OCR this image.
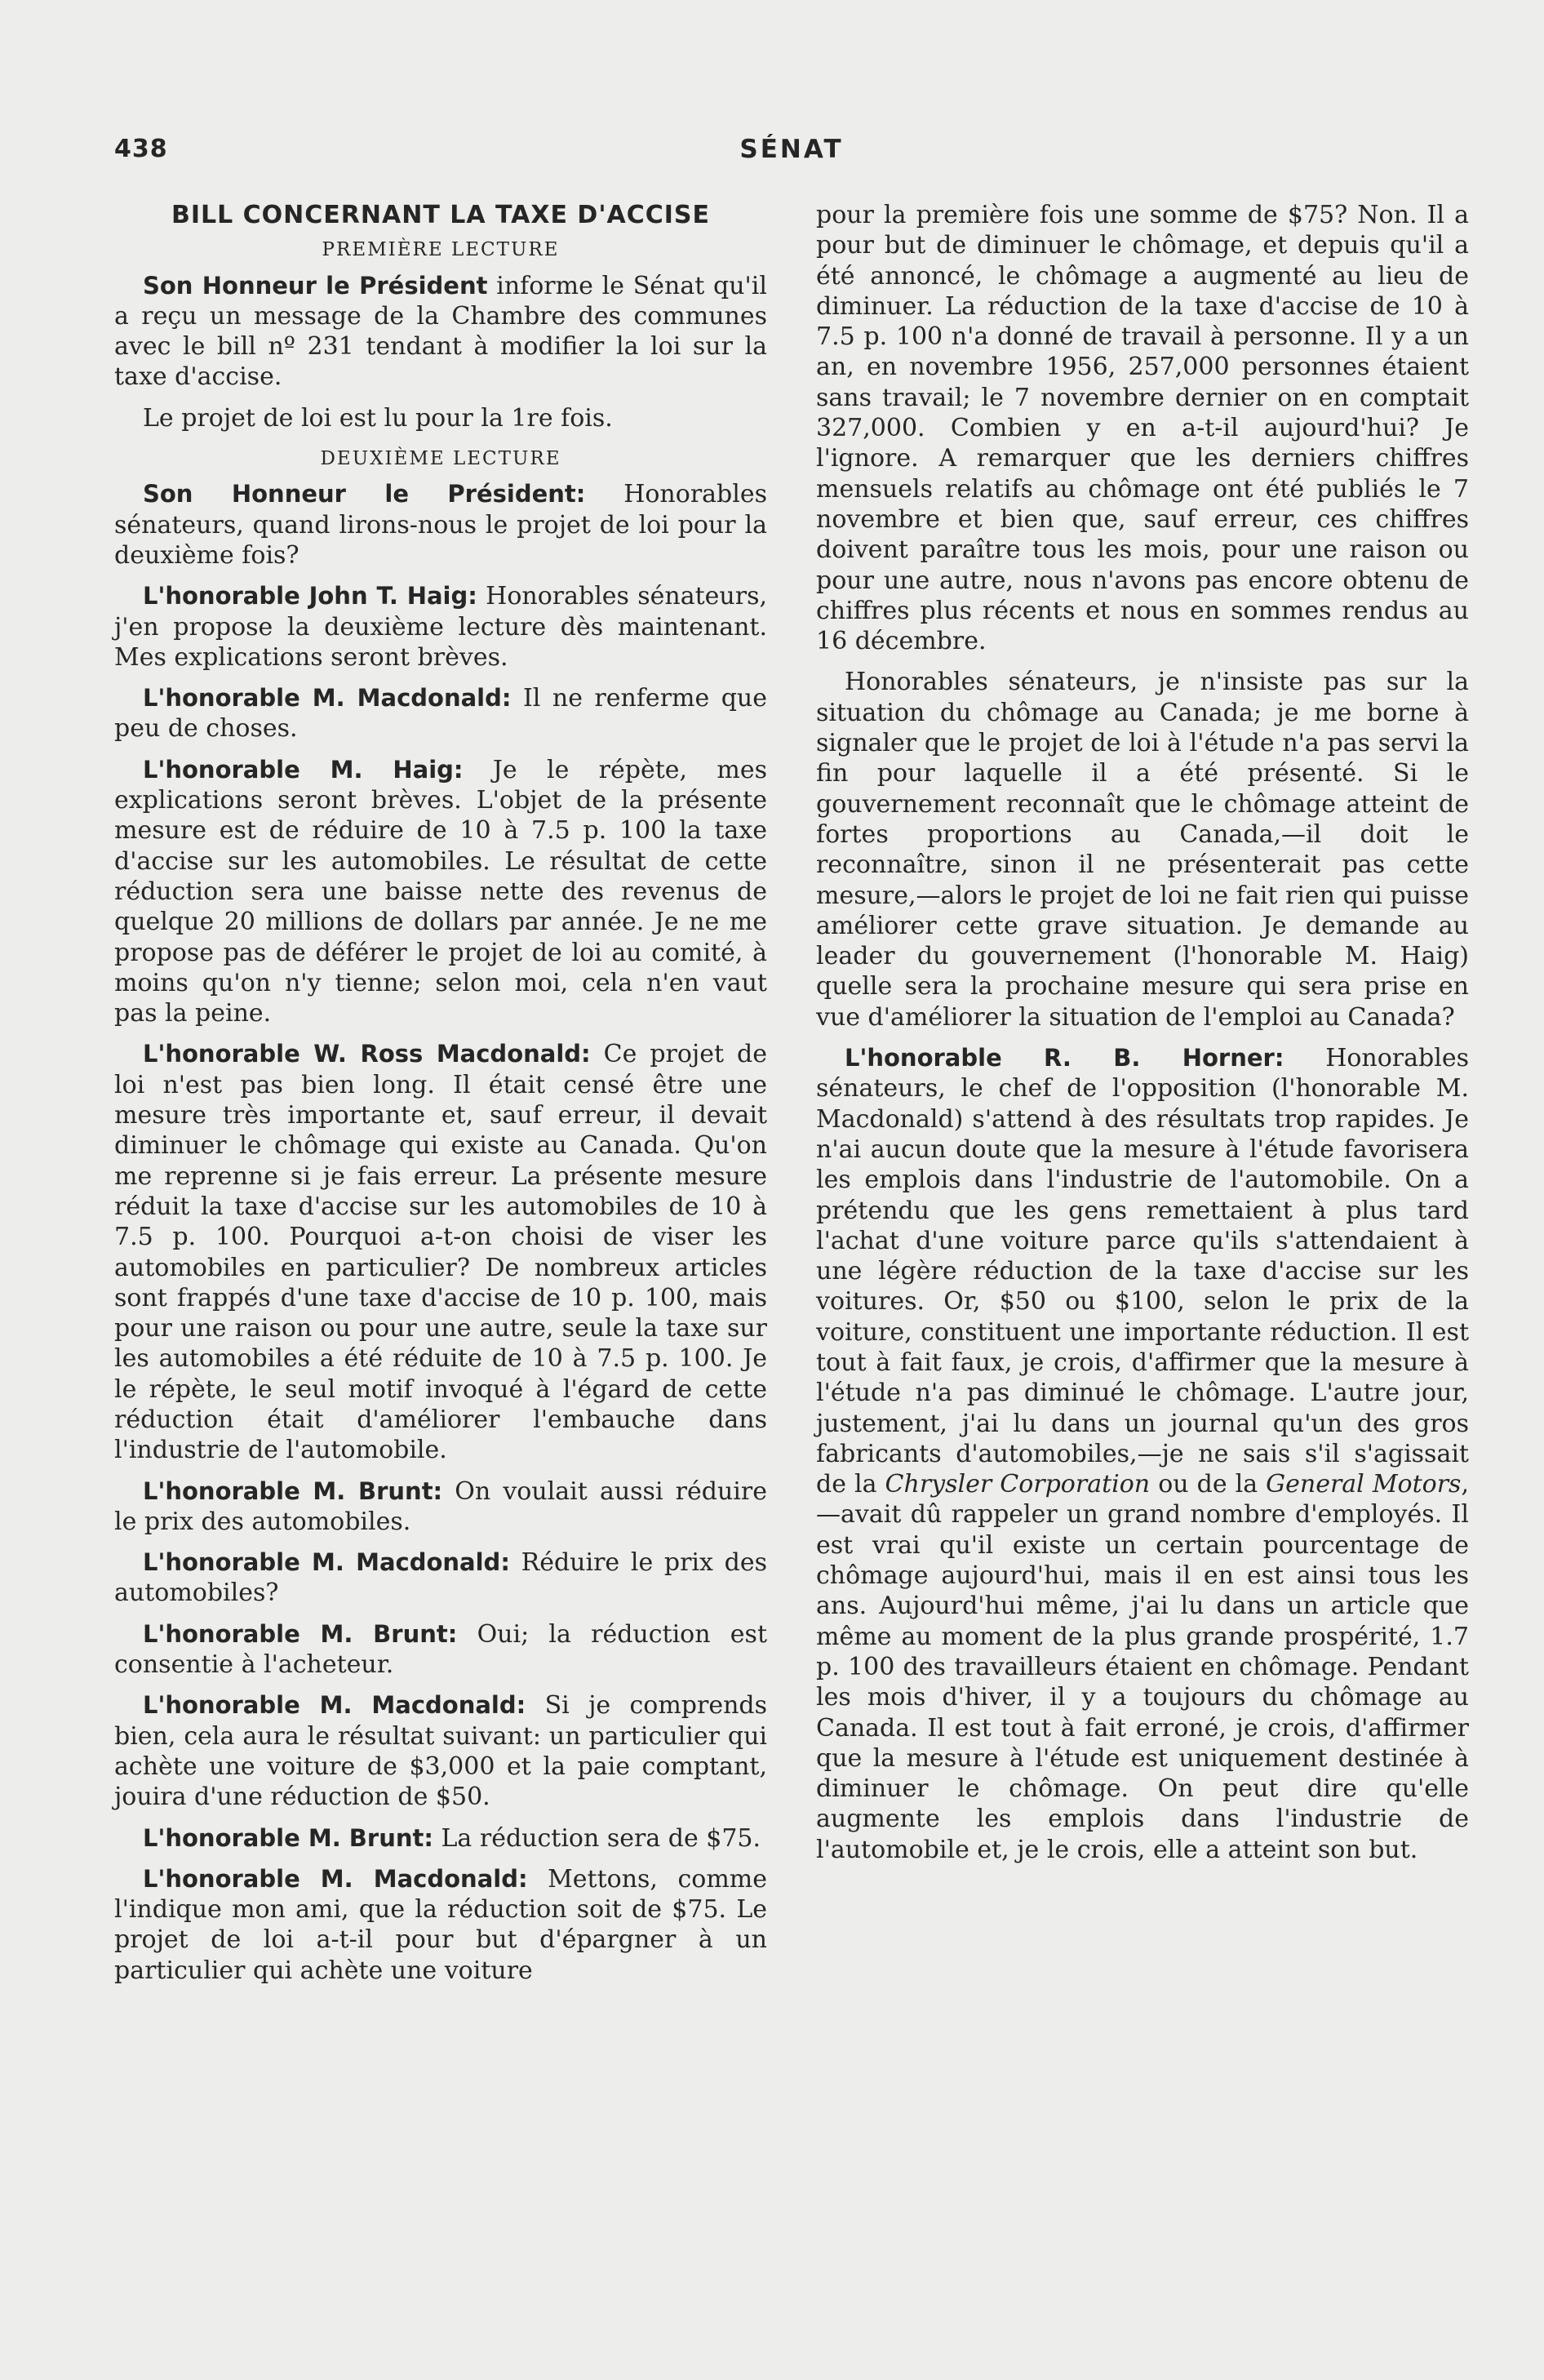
438	SÉNAT
BILL CONCERNANT LA TAXE D'ACCISE
PREMIÈRE LECTURE

Son Honneur le Président informe le Sénat qu'il a reçu un message de la Chambre des communes avec le bill nº 231 tendant à modifier la loi sur la taxe d'accise.

Le projet de loi est lu pour la 1re fois.

DEUXIÈME LECTURE

Son Honneur le Président: Honorables sénateurs, quand lirons-nous le projet de loi pour la deuxième fois?

L'honorable John T. Haig: Honorables sénateurs, j'en propose la deuxième lecture dès maintenant. Mes explications seront brèves.

L'honorable M. Macdonald: Il ne renferme que peu de choses.

L'honorable M. Haig: Je le répète, mes explications seront brèves. L'objet de la présente mesure est de réduire de 10 à 7.5 p. 100 la taxe d'accise sur les automobiles. Le résultat de cette réduction sera une baisse nette des revenus de quelque 20 millions de dollars par année. Je ne me propose pas de déférer le projet de loi au comité, à moins qu'on n'y tienne; selon moi, cela n'en vaut pas la peine.

L'honorable W. Ross Macdonald: Ce projet de loi n'est pas bien long. Il était censé être une mesure très importante et, sauf erreur, il devait diminuer le chômage qui existe au Canada. Qu'on me reprenne si je fais erreur. La présente mesure réduit la taxe d'accise sur les automobiles de 10 à 7.5 p. 100. Pourquoi a-t-on choisi de viser les automobiles en particulier? De nombreux articles sont frappés d'une taxe d'accise de 10 p. 100, mais pour une raison ou pour une autre, seule la taxe sur les automobiles a été réduite de 10 à 7.5 p. 100. Je le répète, le seul motif invoqué à l'égard de cette réduction était d'améliorer l'embauche dans l'industrie de l'automobile.

L'honorable M. Brunt: On voulait aussi réduire le prix des automobiles.

L'honorable M. Macdonald: Réduire le prix des automobiles?

L'honorable M. Brunt: Oui; la réduction est consentie à l'acheteur.

L'honorable M. Macdonald: Si je comprends bien, cela aura le résultat suivant: un particulier qui achète une voiture de $3,000 et la paie comptant, jouira d'une réduction de $50.

L'honorable M. Brunt: La réduction sera de $75.

L'honorable M. Macdonald: Mettons, comme l'indique mon ami, que la réduction soit de $75. Le projet de loi a-t-il pour but d'épargner à un particulier qui achète une voiture

pour la première fois une somme de $75? Non. Il a pour but de diminuer le chômage, et depuis qu'il a été annoncé, le chômage a augmenté au lieu de diminuer. La réduction de la taxe d'accise de 10 à 7.5 p. 100 n'a donné de travail à personne. Il y a un an, en novembre 1956, 257,000 personnes étaient sans travail; le 7 novembre dernier on en comptait 327,000. Combien y en a-t-il aujourd'hui? Je l'ignore. A remarquer que les derniers chiffres mensuels relatifs au chômage ont été publiés le 7 novembre et bien que, sauf erreur, ces chiffres doivent paraître tous les mois, pour une raison ou pour une autre, nous n'avons pas encore obtenu de chiffres plus récents et nous en sommes rendus au 16 décembre.

Honorables sénateurs, je n'insiste pas sur la situation du chômage au Canada; je me borne à signaler que le projet de loi à l'étude n'a pas servi la fin pour laquelle il a été présenté. Si le gouvernement reconnaît que le chômage atteint de fortes proportions au Canada,—il doit le reconnaître, sinon il ne présenterait pas cette mesure,—alors le projet de loi ne fait rien qui puisse améliorer cette grave situation. Je demande au leader du gouvernement (l'honorable M. Haig) quelle sera la prochaine mesure qui sera prise en vue d'améliorer la situation de l'emploi au Canada?

L'honorable R. B. Horner: Honorables sénateurs, le chef de l'opposition (l'honorable M. Macdonald) s'attend à des résultats trop rapides. Je n'ai aucun doute que la mesure à l'étude favorisera les emplois dans l'industrie de l'automobile. On a prétendu que les gens remettaient à plus tard l'achat d'une voiture parce qu'ils s'attendaient à une légère réduction de la taxe d'accise sur les voitures. Or, $50 ou $100, selon le prix de la voiture, constituent une importante réduction. Il est tout à fait faux, je crois, d'affirmer que la mesure à l'étude n'a pas diminué le chômage. L'autre jour, justement, j'ai lu dans un journal qu'un des gros fabricants d'automobiles,—je ne sais s'il s'agissait de la Chrysler Corporation ou de la General Motors,—avait dû rappeler un grand nombre d'employés. Il est vrai qu'il existe un certain pourcentage de chômage aujourd'hui, mais il en est ainsi tous les ans. Aujourd'hui même, j'ai lu dans un article que même au moment de la plus grande prospérité, 1.7 p. 100 des travailleurs étaient en chômage. Pendant les mois d'hiver, il y a toujours du chômage au Canada. Il est tout à fait erroné, je crois, d'affirmer que la mesure à l'étude est uniquement destinée à diminuer le chômage. On peut dire qu'elle augmente les emplois dans l'industrie de l'automobile et, je le crois, elle a atteint son but.
